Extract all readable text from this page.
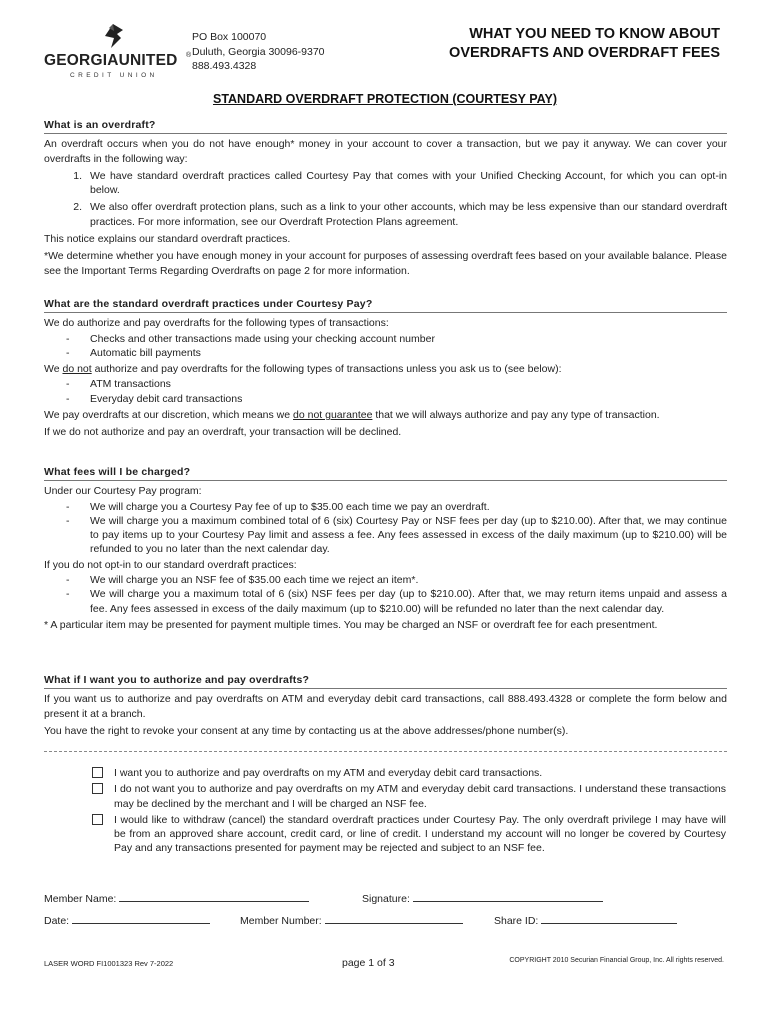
GEORGIAUNITED ®
CREDIT UNION
PO Box 100070
Duluth, Georgia 30096-9370
888.493.4328
WHAT YOU NEED TO KNOW ABOUT
OVERDRAFTS AND OVERDRAFT FEES
STANDARD OVERDRAFT PROTECTION (COURTESY PAY)
What is an overdraft?

An overdraft occurs when you do not have enough* money in your account to cover a transaction, but we pay it anyway. We can cover your overdrafts in the following way:

1. We have standard overdraft practices called Courtesy Pay that comes with your Unified Checking Account, for which you can opt-in below.
2. We also offer overdraft protection plans, such as a link to your other accounts, which may be less expensive than our standard overdraft practices. For more information, see our Overdraft Protection Plans agreement.

This notice explains our standard overdraft practices.

*We determine whether you have enough money in your account for purposes of assessing overdraft fees based on your available balance. Please see the Important Terms Regarding Overdrafts on page 2 for more information.

What are the standard overdraft practices under Courtesy Pay?

We do authorize and pay overdrafts for the following types of transactions:

-	Checks and other transactions made using your checking account number
-	Automatic bill payments

We do not authorize and pay overdrafts for the following types of transactions unless you ask us to (see below):

-	ATM transactions
-	Everyday debit card transactions

We pay overdrafts at our discretion, which means we do not guarantee that we will always authorize and pay any type of transaction.

If we do not authorize and pay an overdraft, your transaction will be declined.

What fees will I be charged?

Under our Courtesy Pay program:

-	We will charge you a Courtesy Pay fee of up to $35.00 each time we pay an overdraft.
-	We will charge you a maximum combined total of 6 (six) Courtesy Pay or NSF fees per day (up to $210.00). After that, we may continue to pay items up to your Courtesy Pay limit and assess a fee. Any fees assessed in excess of the daily maximum (up to $210.00) will be refunded to you no later than the next calendar day.

If you do not opt-in to our standard overdraft practices:

-	We will charge you an NSF fee of $35.00 each time we reject an item*.
-	We will charge you a maximum total of 6 (six) NSF fees per day (up to $210.00). After that, we may return items unpaid and assess a fee. Any fees assessed in excess of the daily maximum (up to $210.00) will be refunded no later than the next calendar day.

* A particular item may be presented for payment multiple times. You may be charged an NSF or overdraft fee for each presentment.

What if I want you to authorize and pay overdrafts?

If you want us to authorize and pay overdrafts on ATM and everyday debit card transactions, call 888.493.4328 or complete the form below and present it at a branch.

You have the right to revoke your consent at any time by contacting us at the above addresses/phone number(s).

I want you to authorize and pay overdrafts on my ATM and everyday debit card transactions.
I do not want you to authorize and pay overdrafts on my ATM and everyday debit card transactions. I understand these transactions may be declined by the merchant and I will be charged an NSF fee.
I would like to withdraw (cancel) the standard overdraft practices under Courtesy Pay. The only overdraft privilege I may have will be from an approved share account, credit card, or line of credit. I understand my account will no longer be covered by Courtesy Pay and any transactions presented for payment may be rejected and subject to an NSF fee.
Member Name:	Signature:
Date:	Member Number:	Share ID:
LASER WORD FI1001323 Rev 7-2022	page 1 of 3	COPYRIGHT 2010 Securian Financial Group, Inc. All rights reserved.
